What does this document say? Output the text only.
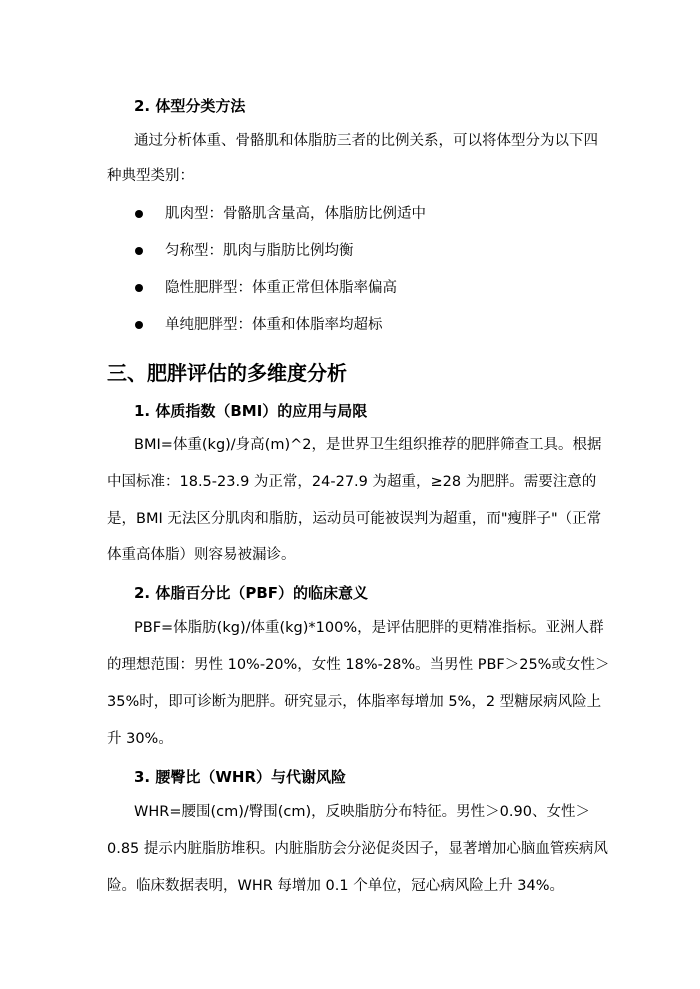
2. 体型分类方法
通过分析体重、骨骼肌和体脂肪三者的比例关系，可以将体型分为以下四
种典型类别：
肌肉型：骨骼肌含量高，体脂肪比例适中
匀称型：肌肉与脂肪比例均衡
隐性肥胖型：体重正常但体脂率偏高
单纯肥胖型：体重和体脂率均超标
三、肥胖评估的多维度分析
1. 体质指数（BMI）的应用与局限
BMI=体重(kg)/身高(m)^2，是世界卫生组织推荐的肥胖筛查工具。根据
中国标准：18.5-23.9 为正常，24-27.9 为超重，≥28 为肥胖。需要注意的
是，BMI 无法区分肌肉和脂肪，运动员可能被误判为超重，而"瘦胖子"（正常
体重高体脂）则容易被漏诊。
2. 体脂百分比（PBF）的临床意义
PBF=体脂肪(kg)/体重(kg)*100%，是评估肥胖的更精准指标。亚洲人群
的理想范围：男性 10%-20%，女性 18%-28%。当男性 PBF＞25%或女性＞
35%时，即可诊断为肥胖。研究显示，体脂率每增加 5%，2 型糖尿病风险上
升 30%。
3. 腰臀比（WHR）与代谢风险
WHR=腰围(cm)/臀围(cm)，反映脂肪分布特征。男性＞0.90、女性＞
0.85 提示内脏脂肪堆积。内脏脂肪会分泌促炎因子，显著增加心脑血管疾病风
险。临床数据表明，WHR 每增加 0.1 个单位，冠心病风险上升 34%。
